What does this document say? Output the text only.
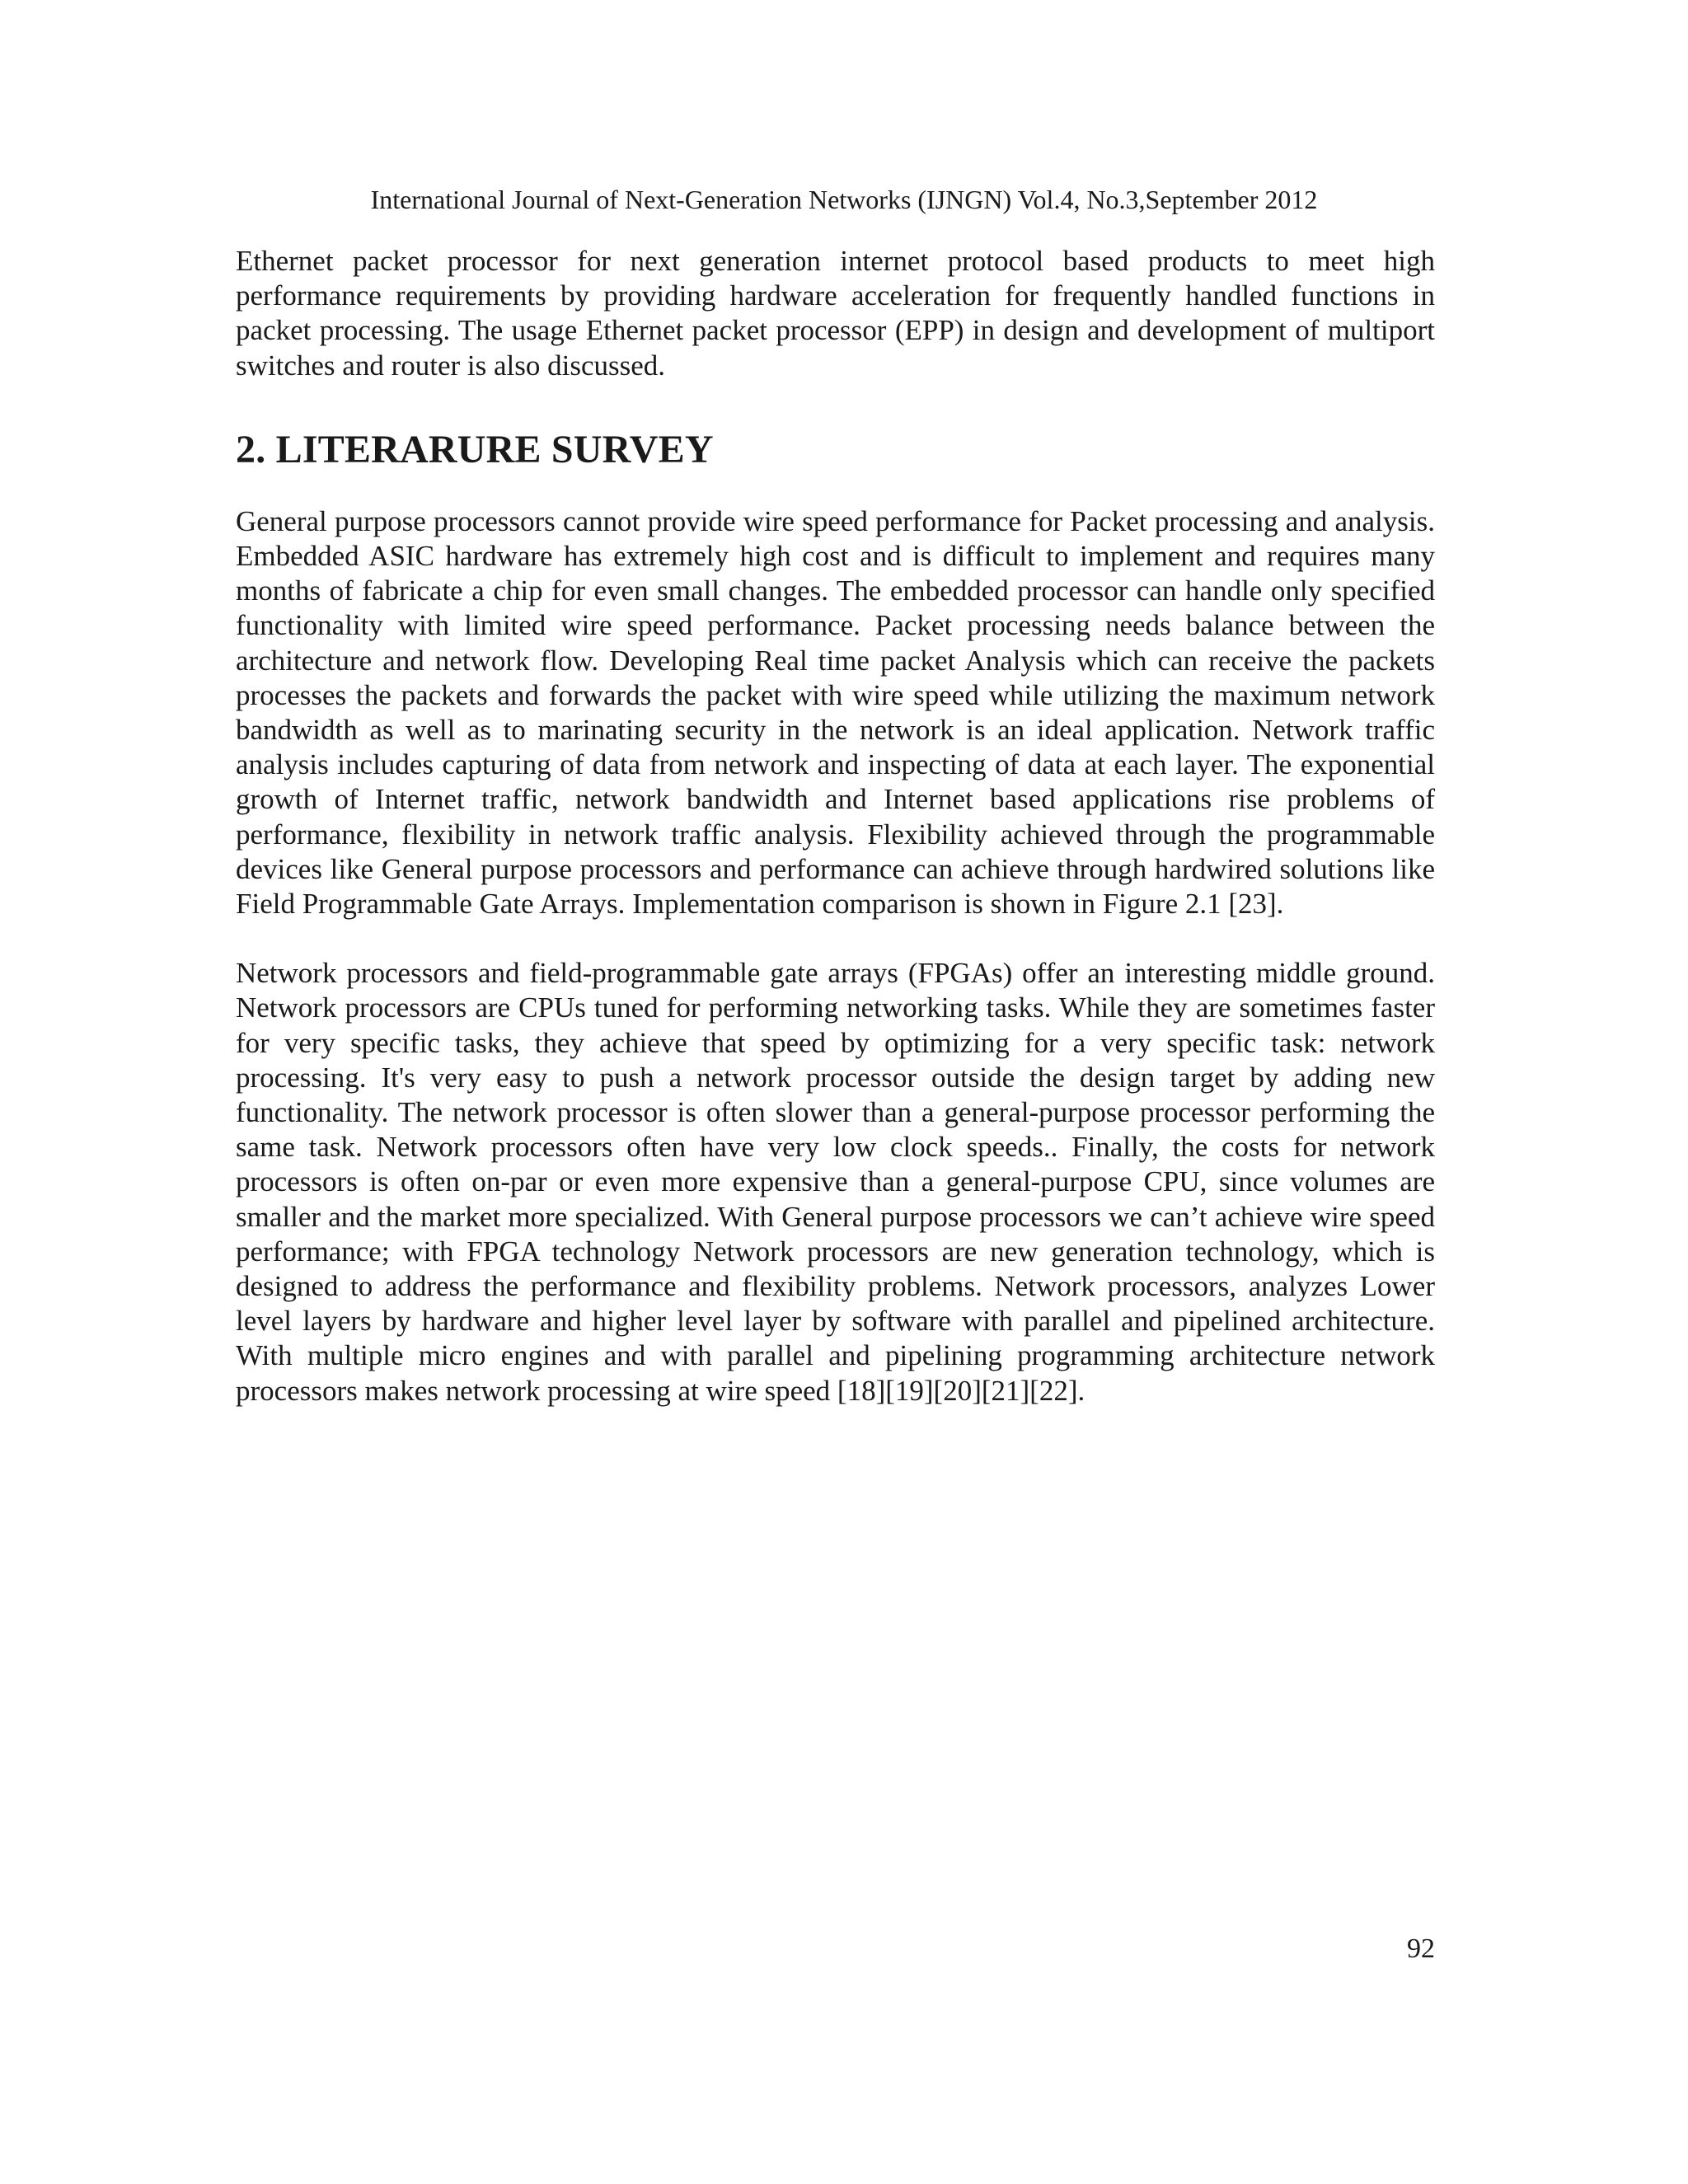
International Journal of Next-Generation Networks (IJNGN) Vol.4, No.3,September 2012

Ethernet packet processor for next generation internet protocol based products to meet high performance requirements by providing hardware acceleration for frequently handled functions in packet processing. The usage Ethernet packet processor (EPP) in design and development of multiport switches and router is also discussed.

2. LITERARURE SURVEY

General purpose processors cannot provide wire speed performance for Packet processing and analysis. Embedded ASIC hardware has extremely high cost and is difficult to implement and requires many months of fabricate a chip for even small changes. The embedded processor can handle only specified functionality with limited wire speed performance. Packet processing needs balance between the architecture and network flow. Developing Real time packet Analysis which can receive the packets processes the packets and forwards the packet with wire speed while utilizing the maximum network bandwidth as well as to marinating security in the network is an ideal application. Network traffic analysis includes capturing of data from network and inspecting of data at each layer. The exponential growth of Internet traffic, network bandwidth and Internet based applications rise problems of performance, flexibility in network traffic analysis. Flexibility achieved through the programmable devices like General purpose processors and performance can achieve through hardwired solutions like Field Programmable Gate Arrays. Implementation comparison is shown in Figure 2.1 [23].

Network processors and field-programmable gate arrays (FPGAs) offer an interesting middle ground. Network processors are CPUs tuned for performing networking tasks. While they are sometimes faster for very specific tasks, they achieve that speed by optimizing for a very specific task: network processing. It's very easy to push a network processor outside the design target by adding new functionality. The network processor is often slower than a general-purpose processor performing the same task. Network processors often have very low clock speeds.. Finally, the costs for network processors is often on-par or even more expensive than a general-purpose CPU, since volumes are smaller and the market more specialized. With General purpose processors we can’t achieve wire speed performance; with FPGA technology Network processors are new generation technology, which is designed to address the performance and flexibility problems. Network processors, analyzes Lower level layers by hardware and higher level layer by software with parallel and pipelined architecture. With multiple micro engines and with parallel and pipelining programming architecture network processors makes network processing at wire speed [18][19][20][21][22].

92
